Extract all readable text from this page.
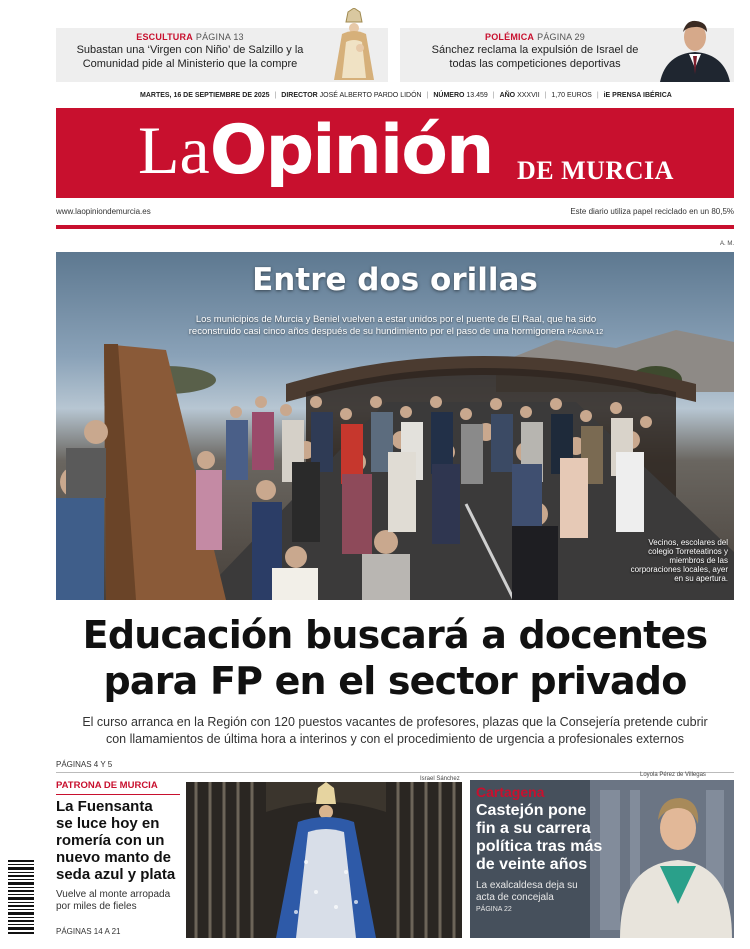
ESCULTURA PÁGINA 13
Subastan una ‘Virgen con Niño’ de Salzillo y la
Comunidad pide al Ministerio que la compre
POLÉMICA PÁGINA 29
Sánchez reclama la expulsión de Israel de
todas las competiciones deportivas
MARTES, 16 DE SEPTIEMBRE DE 2025 | DIRECTOR JOSÉ ALBERTO PARDO LIDÓN | NÚMERO 13.459 | AÑO XXXVII | 1,70 EUROS | iE PRENSA IBÉRICA
LaOpinión DE MURCIA
www.laopiniondemurcia.es	Este diario utiliza papel reciclado en un 80,5%
A. M.
Entre dos orillas
Los municipios de Murcia y Beniel vuelven a estar unidos por el puente de El Raal, que ha sido
reconstruido casi cinco años después de su hundimiento por el paso de una hormigonera PÁGINA 12
Vecinos, escolares del
colegio Torreteatinos y
miembros de las
corporaciones locales, ayer
en su apertura.
Educación buscará a docentes
para FP en el sector privado
El curso arranca en la Región con 120 puestos vacantes de profesores, plazas que la Consejería pretende cubrir
con llamamientos de última hora a interinos y con el procedimiento de urgencia a profesionales externos
PÁGINAS 4 Y 5
PATRONA DE MURCIA
La Fuensanta
se luce hoy en
romería con un
nuevo manto de
seda azul y plata
Vuelve al monte arropada
por miles de fieles
PÁGINAS 14 A 21
Israel Sánchez
Loyola Pérez de Villegas
Cartagena
Castejón pone
fin a su carrera
política tras más
de veinte años
La exalcaldesa deja su
acta de concejala
PÁGINA 22
